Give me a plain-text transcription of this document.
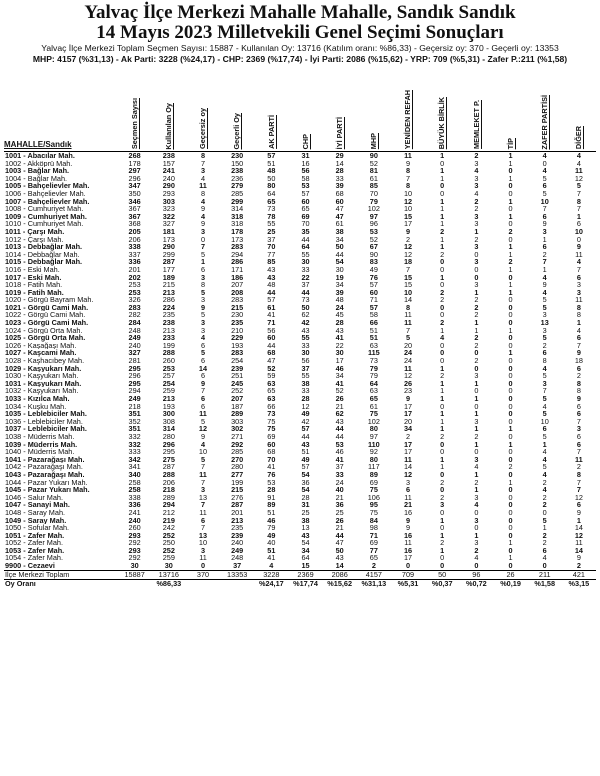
Yalvaç İlçe Merkezi Mahalle Mahalle, Sandık Sandık
14 Mayıs 2023 Milletvekili Genel Seçimi Sonuçları
Yalvaç İlçe Merkezi Toplam Seçmen Sayısı: 15887 - Kullanılan Oy: 13716 (Katılım oranı: %86,33) - Geçersiz oy: 370 - Geçerli oy: 13353
MHP: 4157 (%31,13) - Ak Parti: 3228 (%24,17) - CHP: 2369 (%17,74) - İyi Parti: 2086 (%15,62) - YRP: 709 (%5,31) - Zafer P.:211 (%1,58)
MAHALLE/Sandık	Seçmen Sayısı	Kullanılan Oy	Geçersiz oy	Geçerli Oy	AK PARTİ	CHP	İYİ PARTİ	MHP	YENİDEN REFAH	BÜYÜK BİRLİK	MEMLEKET P.	TİP	ZAFER PARTİSİ	DİĞER
1001 - Abacılar Mah.	268	238	8	230	57	31	29	90	11	1	2	1	4	4
1002 - Akköprü Mah.	178	157	7	150	51	16	14	52	9	0	3	1	0	4
1003 - Bağlar Mah.	297	241	3	238	48	56	28	81	8	1	4	0	4	11
1004 - Bağlar Mah.	296	240	4	236	50	58	33	61	7	1	3	1	5	12
1005 - Bahçelievler Mah.	347	290	11	279	80	53	39	85	8	0	3	0	6	5
1006 - Bahçelievler Mah.	350	293	8	285	64	57	68	70	10	0	4	0	5	7
1007 - Bahçelievler Mah.	346	303	4	299	65	60	60	79	12	1	2	1	10	8
1008 - Cumhuriyet Mah.	367	323	9	314	73	65	47	102	10	1	2	0	7	7
1009 - Cumhuriyet Mah.	367	322	4	318	78	69	47	97	15	1	3	1	6	1
1010 - Cumhuriyet Mah.	368	327	9	318	55	70	61	96	17	1	3	0	9	6
1011 - Çarşı Mah.	205	181	3	178	25	35	38	53	9	2	1	2	3	10
1012 - Çarşı Mah.	206	173	0	173	37	44	34	52	2	1	2	0	1	0
1013 - Debbağlar Mah.	338	290	7	283	70	64	50	67	12	1	3	1	6	9
1014 - Debbağlar Mah.	337	299	5	294	77	55	44	90	12	2	0	1	2	11
1015 - Debbağlar Mah.	336	287	1	286	85	30	54	83	18	0	3	2	7	4
1016 - Eski Mah.	201	177	6	171	43	33	30	49	7	0	0	1	1	7
1017 - Eski Mah.	202	189	3	186	43	22	19	76	15	1	0	0	4	6
1018 - Fatih Mah.	253	215	8	207	48	37	34	57	15	0	3	1	9	3
1019 - Fatih Mah.	253	213	5	208	44	44	39	60	10	2	1	1	4	3
1020 - Görgü Bayram Mah.	326	286	3	283	57	73	48	71	14	2	2	0	5	11
1021 - Görgü Cami Mah.	283	224	9	215	61	50	24	57	8	0	2	0	5	8
1022 - Görgü Cami Mah.	282	235	5	230	41	62	45	58	11	0	2	0	3	8
1023 - Görgü Cami Mah.	284	238	3	235	71	42	28	66	11	2	1	0	13	1
1024 - Görgü Orta Mah.	248	213	3	210	56	43	43	51	7	1	1	1	3	4
1025 - Görgü Orta Mah.	249	233	4	229	60	55	41	51	5	4	2	0	5	6
1026 - Kaşağaşı Mah.	240	199	6	193	44	33	22	63	20	0	2	0	2	7
1027 - Kaşcami Mah.	327	288	5	283	68	30	30	115	24	0	0	1	6	9
1028 - Kaşhacıbey Mah.	281	260	6	254	47	56	17	73	24	0	2	0	8	18
1029 - Kaşyukarı Mah.	295	253	14	239	52	37	46	79	11	1	0	0	4	6
1030 - Kaşyukarı Mah.	296	257	6	251	59	55	34	79	12	2	3	0	5	2
1031 - Kaşyukarı Mah.	295	254	9	245	63	38	41	64	26	1	1	0	3	8
1032 - Kaşyukarı Mah.	294	259	7	252	65	33	52	63	23	1	0	0	7	8
1033 - Kızılca Mah.	249	213	6	207	63	28	26	65	9	1	1	0	5	9
1034 - Kuşku Mah.	218	193	6	187	66	12	21	61	17	0	0	0	4	6
1035 - Leblebiciler Mah.	351	300	11	289	73	49	62	75	17	1	1	0	5	6
1036 - Leblebiciler Mah.	352	308	5	303	75	42	43	102	20	1	3	0	10	7
1037 - Leblebiciler Mah.	351	314	12	302	75	57	44	80	34	1	1	1	6	3
1038 - Müderris Mah.	332	280	9	271	69	44	44	97	2	2	2	0	5	6
1039 - Müderris Mah.	332	296	4	292	60	43	53	110	17	0	1	1	1	6
1040 - Müderris Mah.	333	295	10	285	68	51	46	92	17	0	0	0	4	7
1041 - Pazarağaşı Mah.	342	275	5	270	70	49	41	80	11	1	3	0	4	11
1042 - Pazarağaşı Mah.	341	287	7	280	41	57	37	117	14	1	4	2	5	2
1043 - Pazarağaşı Mah.	340	288	11	277	76	54	33	89	12	0	1	0	4	8
1044 - Pazar Yukarı Mah.	258	206	7	199	53	36	24	69	3	2	2	1	2	7
1045 - Pazar Yukarı Mah.	258	218	3	215	28	54	40	75	6	0	1	0	4	7
1046 - Salur Mah.	338	289	13	276	91	28	21	106	11	2	3	0	2	12
1047 - Sanayi Mah.	336	294	7	287	89	31	36	95	21	3	4	0	2	6
1048 - Saray Mah.	241	212	11	201	51	25	25	75	16	0	0	0	0	9
1049 - Saray Mah.	240	219	6	213	46	38	26	84	9	1	3	0	5	1
1050 - Sofular Mah.	260	242	7	235	79	13	21	98	9	0	0	0	1	14
1051 - Zafer Mah.	293	252	13	239	49	43	44	71	16	1	1	0	2	12
1052 - Zafer Mah.	292	250	10	240	40	54	47	69	11	2	3	1	2	11
1053 - Zafer Mah.	293	252	3	249	51	34	50	77	16	1	2	0	6	14
1054 - Zafer Mah.	292	259	11	248	41	64	43	65	17	0	4	1	4	9
9900 - Cezaevi	30	30	0	37	4	15	14	2	0	0	0	0	0	2
İlçe Merkezi Toplam	15887	13716	370	13353	3228	2369	2086	4157	709	50	96	26	211	421
Oy Oranı		%86,33			%24,17	%17,74	%15,62	%31,13	%5,31	%0,37	%0,72	%0,19	%1,58	%3,15
